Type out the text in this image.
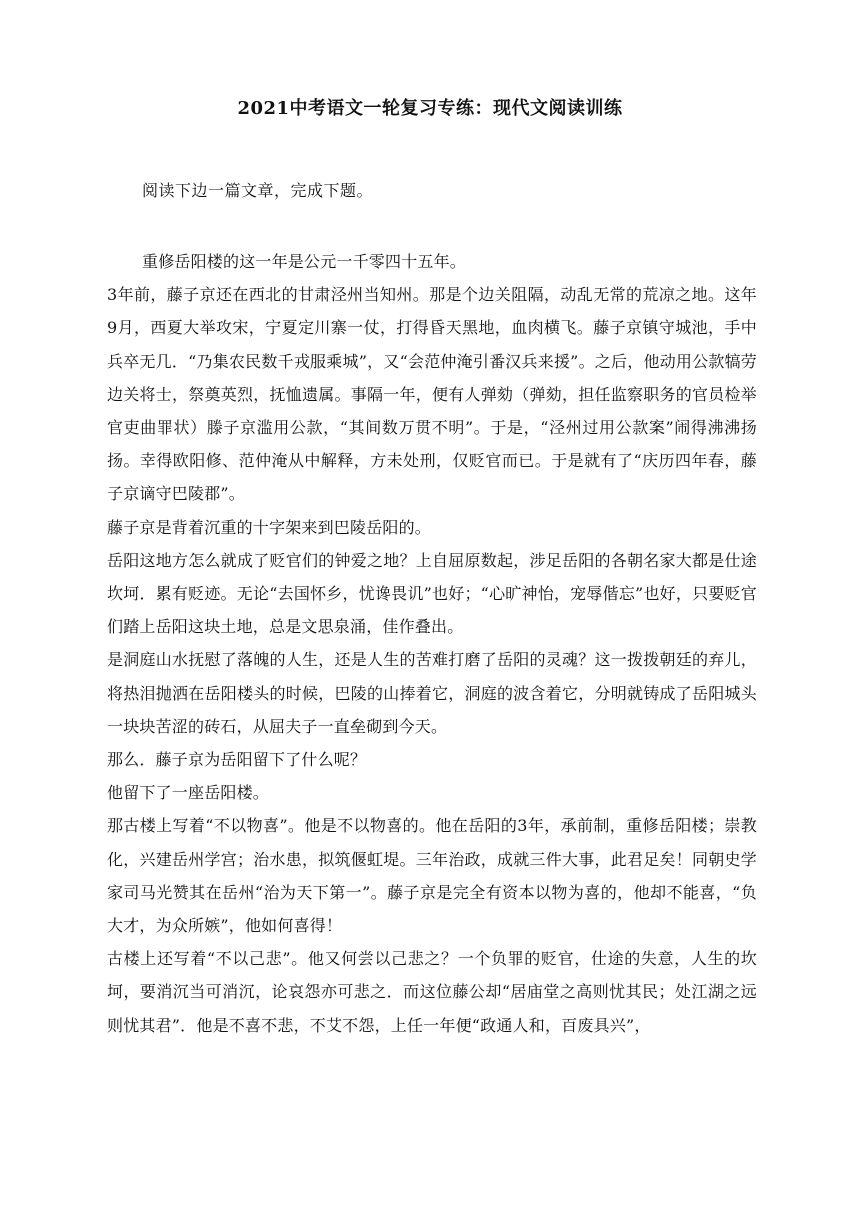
2021中考语文一轮复习专练：现代文阅读训练
阅读下边一篇文章，完成下题。

重修岳阳楼的这一年是公元一千零四十五年。

3年前，藤子京还在西北的甘肃泾州当知州。那是个边关阻隔，动乱无常的荒凉之地。这年9月，西夏大举攻宋，宁夏定川寨一仗，打得昏天黑地，血肉横飞。藤子京镇守城池，手中兵卒无几．“乃集农民数千戎服乘城”，又“会范仲淹引番汉兵来援”。之后，他动用公款犒劳边关将士，祭奠英烈，抚恤遗属。事隔一年，便有人弹劾（弹劾，担任监察职务的官员检举官吏曲罪状）滕子京滥用公款，“其间数万贯不明”。于是，“泾州过用公款案”闹得沸沸扬扬。幸得欧阳修、范仲淹从中解释，方未处刑，仅贬官而已。于是就有了“庆历四年春，藤子京谪守巴陵郡”。

藤子京是背着沉重的十字架来到巴陵岳阳的。

岳阳这地方怎么就成了贬官们的钟爱之地？上自屈原数起，涉足岳阳的各朝名家大都是仕途坎坷．累有贬迹。无论“去国怀乡，忧谗畏讥”也好；“心旷神怡，宠辱偕忘”也好，只要贬官们踏上岳阳这块土地，总是文思泉涌，佳作叠出。

是洞庭山水抚慰了落魄的人生，还是人生的苦难打磨了岳阳的灵魂？这一拨拨朝廷的弃儿，将热泪抛洒在岳阳楼头的时候，巴陵的山捧着它，洞庭的波含着它，分明就铸成了岳阳城头一块块苦涩的砖石，从屈夫子一直垒砌到今天。

那么．藤子京为岳阳留下了什么呢？

他留下了一座岳阳楼。

那古楼上写着“不以物喜”。他是不以物喜的。他在岳阳的3年，承前制，重修岳阳楼；崇教化，兴建岳州学宫；治水患，拟筑偃虹堤。三年治政，成就三件大事，此君足矣！同朝史学家司马光赞其在岳州“治为天下第一”。藤子京是完全有资本以物为喜的，他却不能喜，“负大才，为众所嫉”，他如何喜得！

古楼上还写着“不以己悲”。他又何尝以己悲之？一个负罪的贬官，仕途的失意，人生的坎坷，要消沉当可消沉，论哀怨亦可悲之．而这位藤公却“居庙堂之高则忧其民；处江湖之远则忧其君”．他是不喜不悲，不艾不怨，上任一年便“政通人和，百废具兴”，
